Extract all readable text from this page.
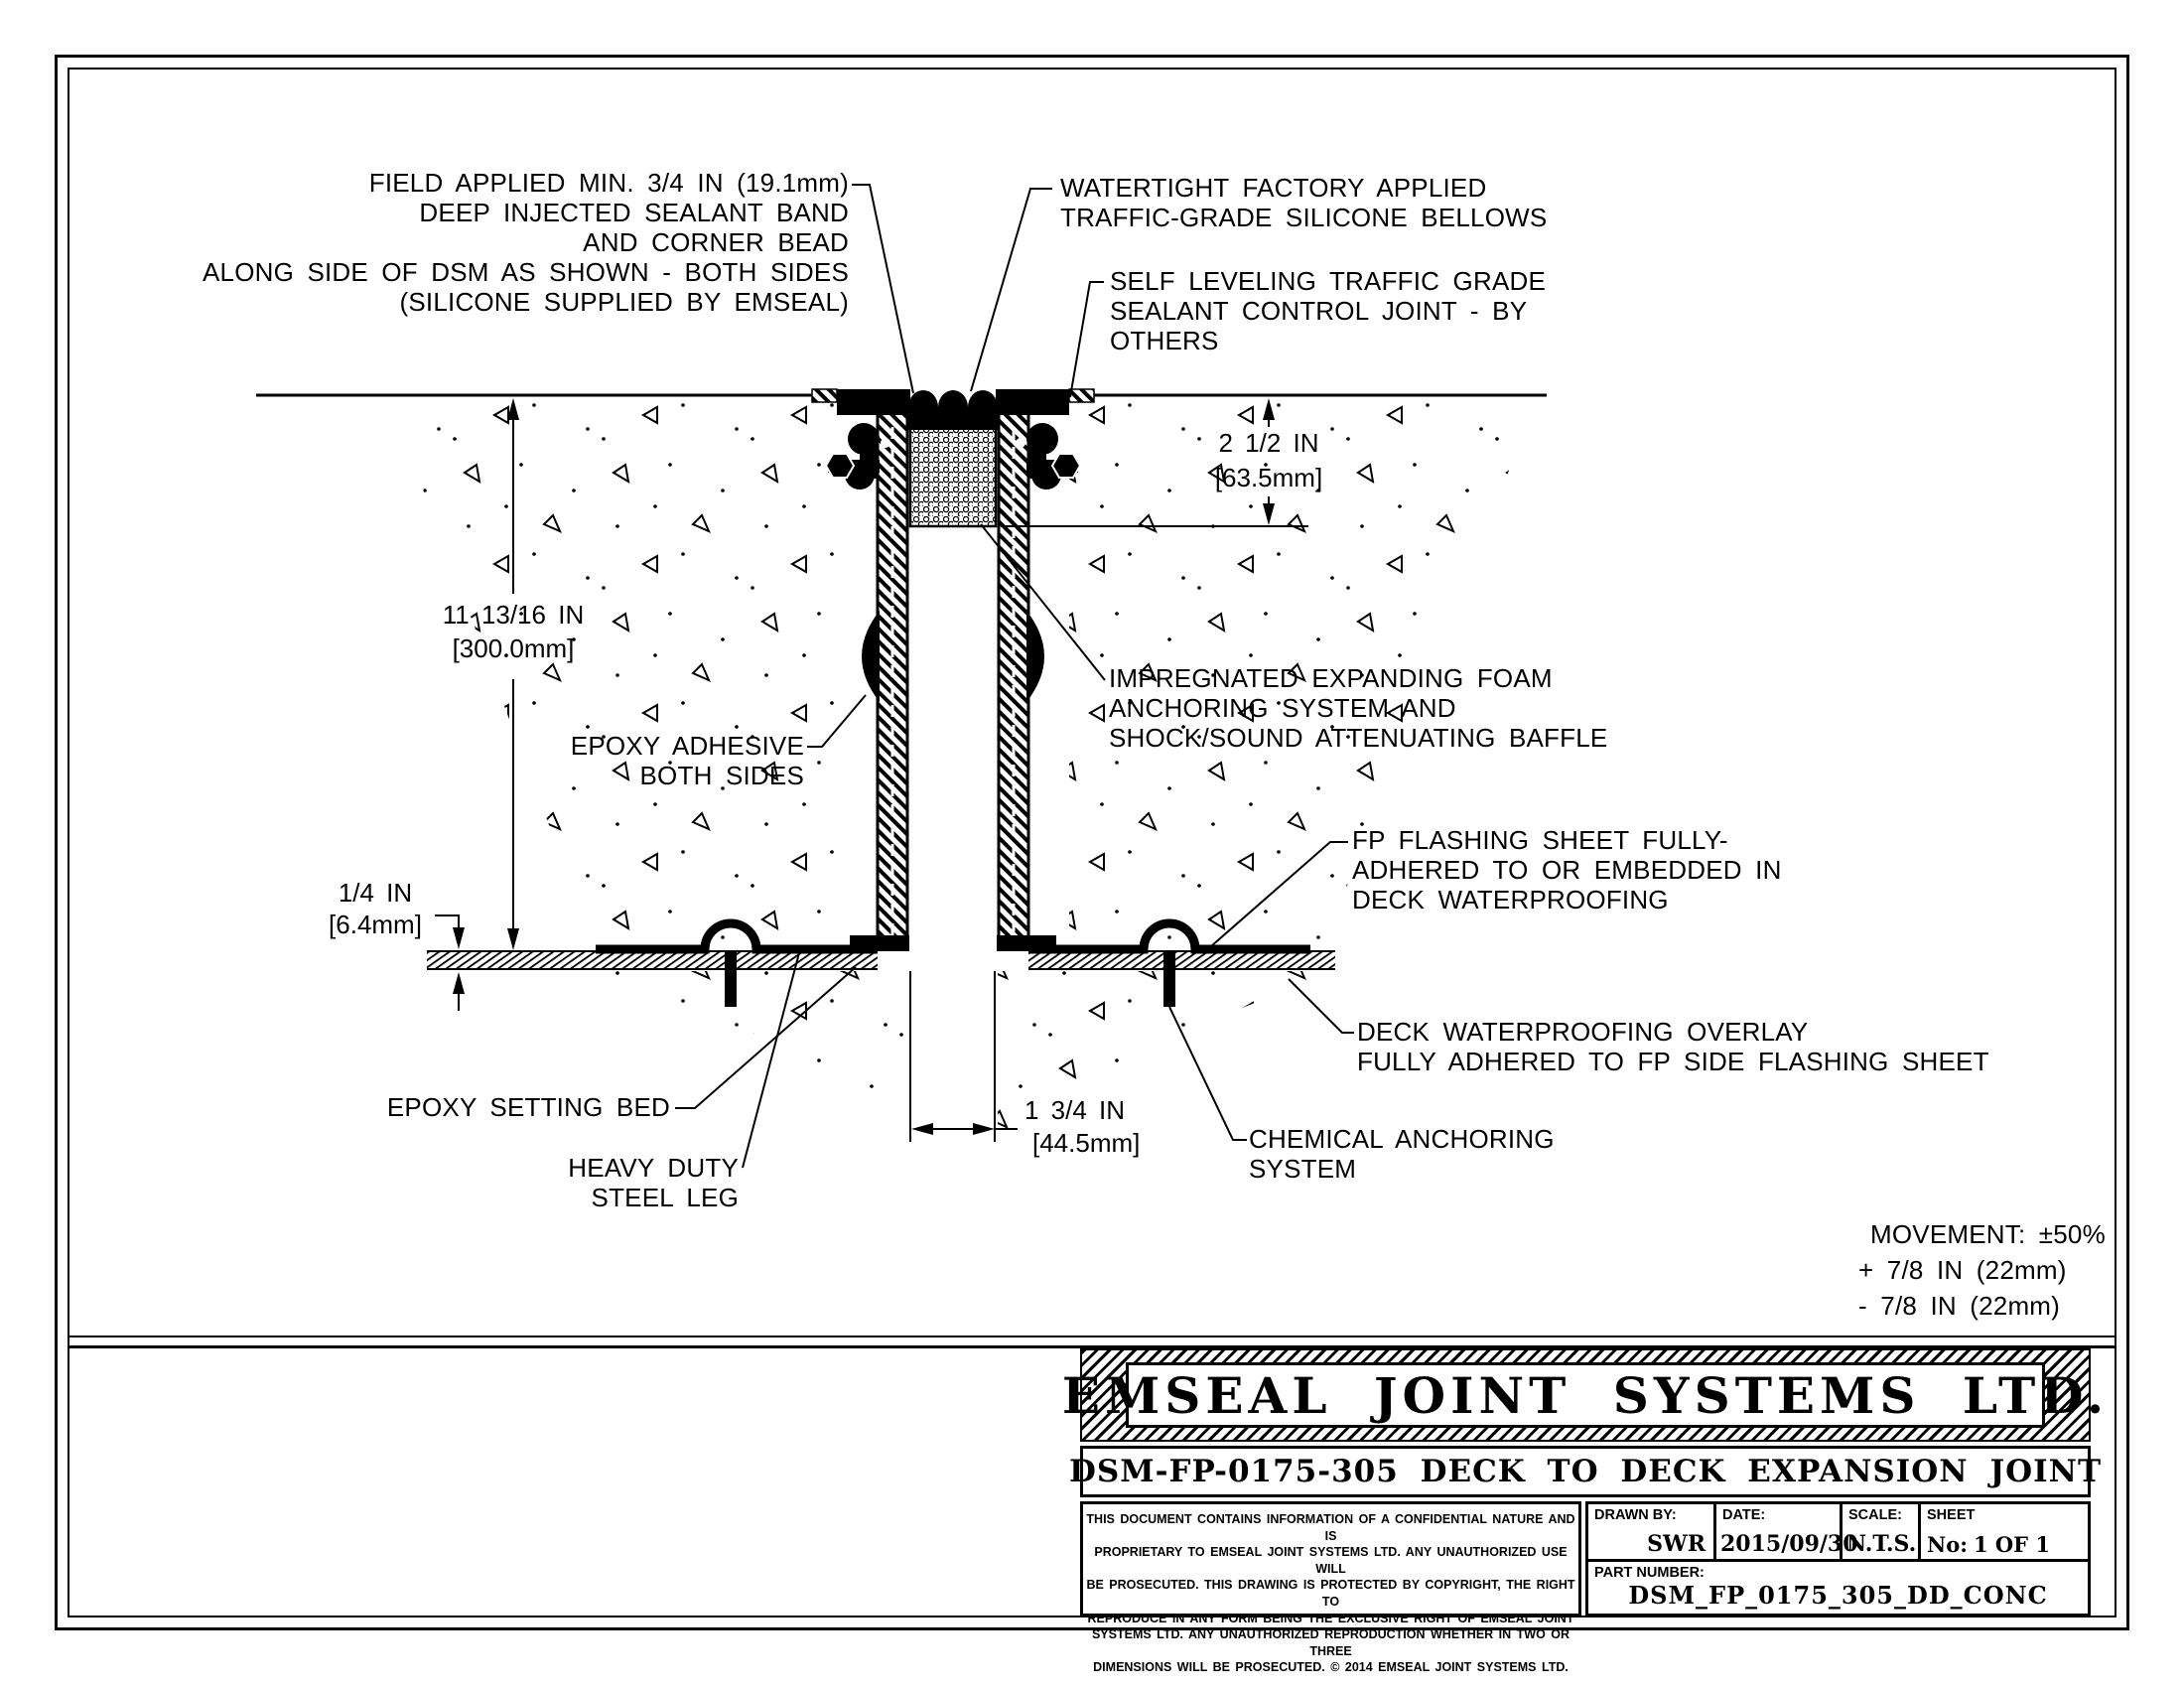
11 13/16 IN
[300.0mm]
2 1/2 IN
[63.5mm]
1/4 IN
[6.4mm]
1 3/4 IN
[44.5mm]
FIELD APPLIED MIN. 3/4 IN (19.1mm)
DEEP INJECTED SEALANT BAND
AND CORNER BEAD
ALONG SIDE OF DSM AS SHOWN - BOTH SIDES
(SILICONE SUPPLIED BY EMSEAL)
WATERTIGHT FACTORY APPLIED
TRAFFIC-GRADE SILICONE BELLOWS
SELF LEVELING TRAFFIC GRADE
SEALANT CONTROL JOINT - BY
OTHERS
EPOXY ADHESIVE
BOTH SIDES
IMPREGNATED EXPANDING FOAM
ANCHORING SYSTEM AND
SHOCK/SOUND ATTENUATING BAFFLE
FP FLASHING SHEET FULLY-
ADHERED TO OR EMBEDDED IN
DECK WATERPROOFING
DECK WATERPROOFING OVERLAY
FULLY ADHERED TO FP SIDE FLASHING SHEET
EPOXY SETTING BED
HEAVY DUTY
STEEL LEG
CHEMICAL ANCHORING
SYSTEM
MOVEMENT: ±50%
+ 7/8 IN (22mm)
- 7/8 IN (22mm)
EMSEAL JOINT SYSTEMS LTD.
DSM-FP-0175-305 DECK TO DECK EXPANSION JOINT
THIS DOCUMENT CONTAINS INFORMATION OF A CONFIDENTIAL NATURE AND IS
PROPRIETARY TO EMSEAL JOINT SYSTEMS LTD. ANY UNAUTHORIZED USE WILL
BE PROSECUTED. THIS DRAWING IS PROTECTED BY COPYRIGHT, THE RIGHT TO
REPRODUCE IN ANY FORM BEING THE EXCLUSIVE RIGHT OF EMSEAL JOINT
SYSTEMS LTD. ANY UNAUTHORIZED REPRODUCTION WHETHER IN TWO OR THREE
DIMENSIONS WILL BE PROSECUTED. © 2014 EMSEAL JOINT SYSTEMS LTD.
DRAWN BY:
SWR
DATE:
2015/09/30
SCALE:
N.T.S.
SHEET
No: 1 OF 1
PART NUMBER:
DSM_FP_0175_305_DD_CONC
